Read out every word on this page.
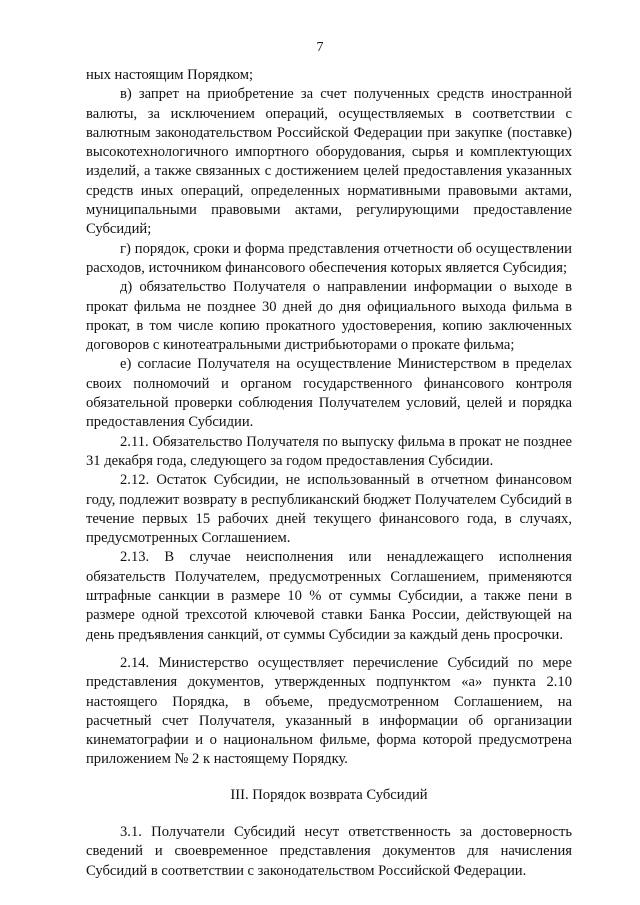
7

ных настоящим Порядком;

в) запрет на приобретение за счет полученных средств иностранной валюты, за исключением операций, осуществляемых в соответствии с валютным законодательством Российской Федерации при закупке (поставке) высокотехнологичного импортного оборудования, сырья и комплектующих изделий, а также связанных с достижением целей предоставления указанных средств иных операций, определенных нормативными правовыми актами, муниципальными правовыми актами, регулирующими предоставление Субсидий;

г) порядок, сроки и форма представления отчетности об осуществлении расходов, источником финансового обеспечения которых является Субсидия;

д) обязательство Получателя о направлении информации о выходе в прокат фильма не позднее 30 дней до дня официального выхода фильма в прокат, в том числе копию прокатного удостоверения, копию заключенных договоров с кинотеатральными дистрибьюторами о прокате фильма;

е) согласие Получателя на осуществление Министерством в пределах своих полномочий и органом государственного финансового контроля обязательной проверки соблюдения Получателем условий, целей и порядка предоставления Субсидии.

2.11. Обязательство Получателя по выпуску фильма в прокат не позднее 31 декабря года, следующего за годом предоставления Субсидии.

2.12. Остаток Субсидии, не использованный в отчетном финансовом году, подлежит возврату в республиканский бюджет Получателем Субсидий в течение первых 15 рабочих дней текущего финансового года, в случаях, предусмотренных Соглашением.

2.13. В случае неисполнения или ненадлежащего исполнения обязательств Получателем, предусмотренных Соглашением, применяются штрафные санкции в размере 10 % от суммы Субсидии, а также пени в размере одной трехсотой ключевой ставки Банка России, действующей на день предъявления санкций, от суммы Субсидии за каждый день просрочки.

2.14. Министерство осуществляет перечисление Субсидий по мере представления документов, утвержденных подпунктом «а» пункта 2.10 настоящего Порядка, в объеме, предусмотренном Соглашением, на расчетный счет Получателя, указанный в информации об организации кинематографии и о национальном фильме, форма которой предусмотрена приложением № 2 к настоящему Порядку.

III. Порядок возврата Субсидий

3.1. Получатели Субсидий несут ответственность за достоверность сведений и своевременное представления документов для начисления Субсидий в соответствии с законодательством Российской Федерации.
